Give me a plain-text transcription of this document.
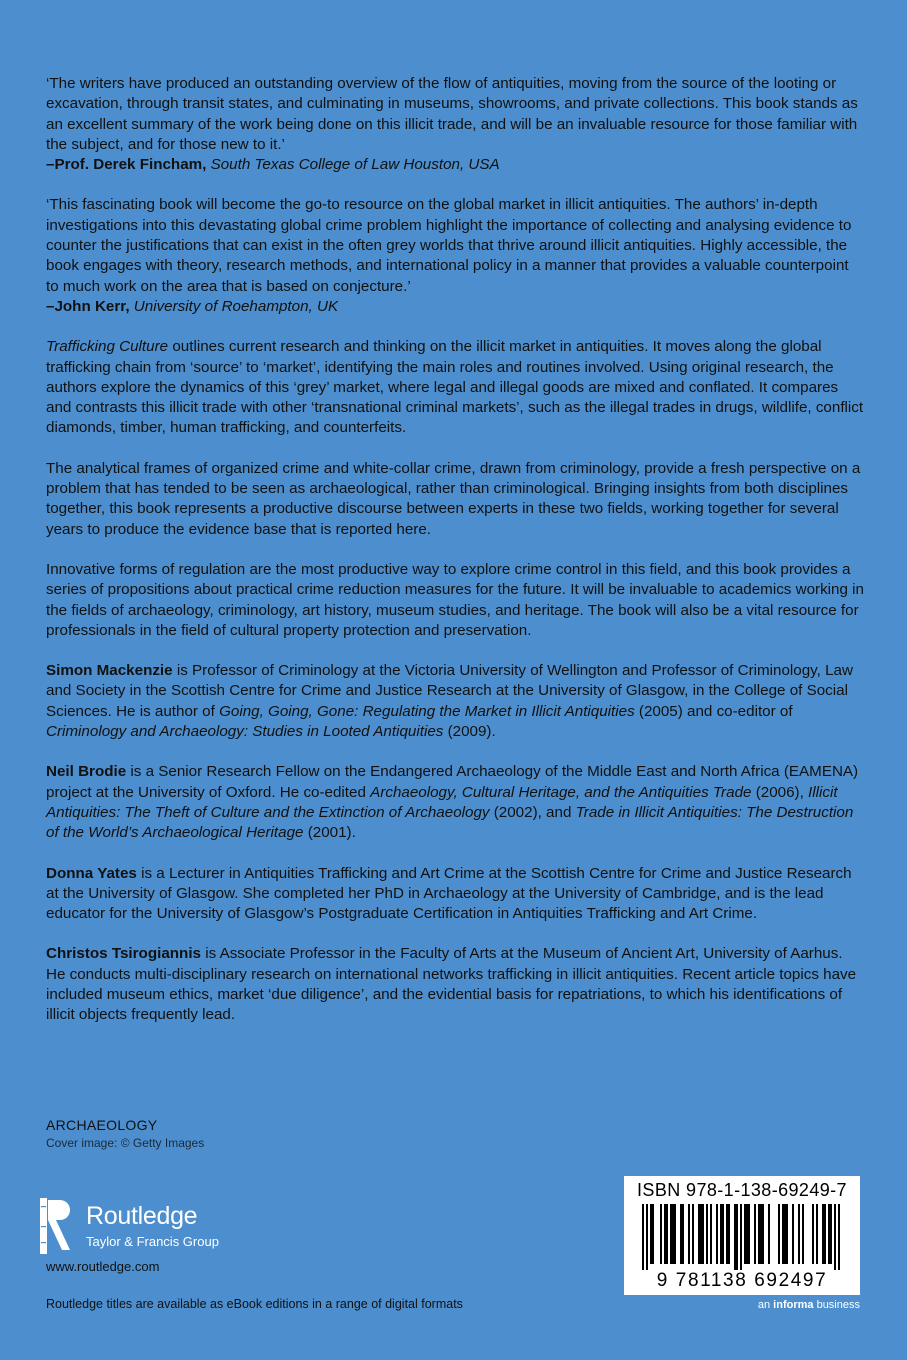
‘The writers have produced an outstanding overview of the flow of antiquities, moving from the source of the looting or excavation, through transit states, and culminating in museums, showrooms, and private collections. This book stands as an excellent summary of the work being done on this illicit trade, and will be an invaluable resource for those familiar with the subject, and for those new to it.’

–Prof. Derek Fincham, South Texas College of Law Houston, USA

‘This fascinating book will become the go-to resource on the global market in illicit antiquities. The authors’ in-depth investigations into this devastating global crime problem highlight the importance of collecting and analysing evidence to counter the justifications that can exist in the often grey worlds that thrive around illicit antiquities. Highly accessible, the book engages with theory, research methods, and international policy in a manner that provides a valuable counterpoint to much work on the area that is based on conjecture.’

–John Kerr, University of Roehampton, UK

Trafficking Culture outlines current research and thinking on the illicit market in antiquities. It moves along the global trafficking chain from ‘source’ to ‘market’, identifying the main roles and routines involved. Using original research, the authors explore the dynamics of this ‘grey’ market, where legal and illegal goods are mixed and conflated. It compares and contrasts this illicit trade with other ‘transnational criminal markets’, such as the illegal trades in drugs, wildlife, conflict diamonds, timber, human trafficking, and counterfeits.

The analytical frames of organized crime and white-collar crime, drawn from criminology, provide a fresh perspective on a problem that has tended to be seen as archaeological, rather than criminological. Bringing insights from both disciplines together, this book represents a productive discourse between experts in these two fields, working together for several years to produce the evidence base that is reported here.

Innovative forms of regulation are the most productive way to explore crime control in this field, and this book provides a series of propositions about practical crime reduction measures for the future. It will be invaluable to academics working in the fields of archaeology, criminology, art history, museum studies, and heritage. The book will also be a vital resource for professionals in the field of cultural property protection and preservation.

Simon Mackenzie is Professor of Criminology at the Victoria University of Wellington and Professor of Criminology, Law and Society in the Scottish Centre for Crime and Justice Research at the University of Glasgow, in the College of Social Sciences. He is author of Going, Going, Gone: Regulating the Market in Illicit Antiquities (2005) and co-editor of Criminology and Archaeology: Studies in Looted Antiquities (2009).

Neil Brodie is a Senior Research Fellow on the Endangered Archaeology of the Middle East and North Africa (EAMENA) project at the University of Oxford. He co-edited Archaeology, Cultural Heritage, and the Antiquities Trade (2006), Illicit Antiquities: The Theft of Culture and the Extinction of Archaeology (2002), and Trade in Illicit Antiquities: The Destruction of the World’s Archaeological Heritage (2001).

Donna Yates is a Lecturer in Antiquities Trafficking and Art Crime at the Scottish Centre for Crime and Justice Research at the University of Glasgow. She completed her PhD in Archaeology at the University of Cambridge, and is the lead educator for the University of Glasgow’s Postgraduate Certification in Antiquities Trafficking and Art Crime.

Christos Tsirogiannis is Associate Professor in the Faculty of Arts at the Museum of Ancient Art, University of Aarhus. He conducts multi-disciplinary research on international networks trafficking in illicit antiquities. Recent article topics have included museum ethics, market ‘due diligence’, and the evidential basis for repatriations, to which his identifications of illicit objects frequently lead.

ARCHAEOLOGY
Cover image: © Getty Images
Routledge
Taylor & Francis Group
www.routledge.com
Routledge titles are available as eBook editions in a range of digital formats
ISBN 978-1-138-69249-7
9 781138 692497
an informa business
